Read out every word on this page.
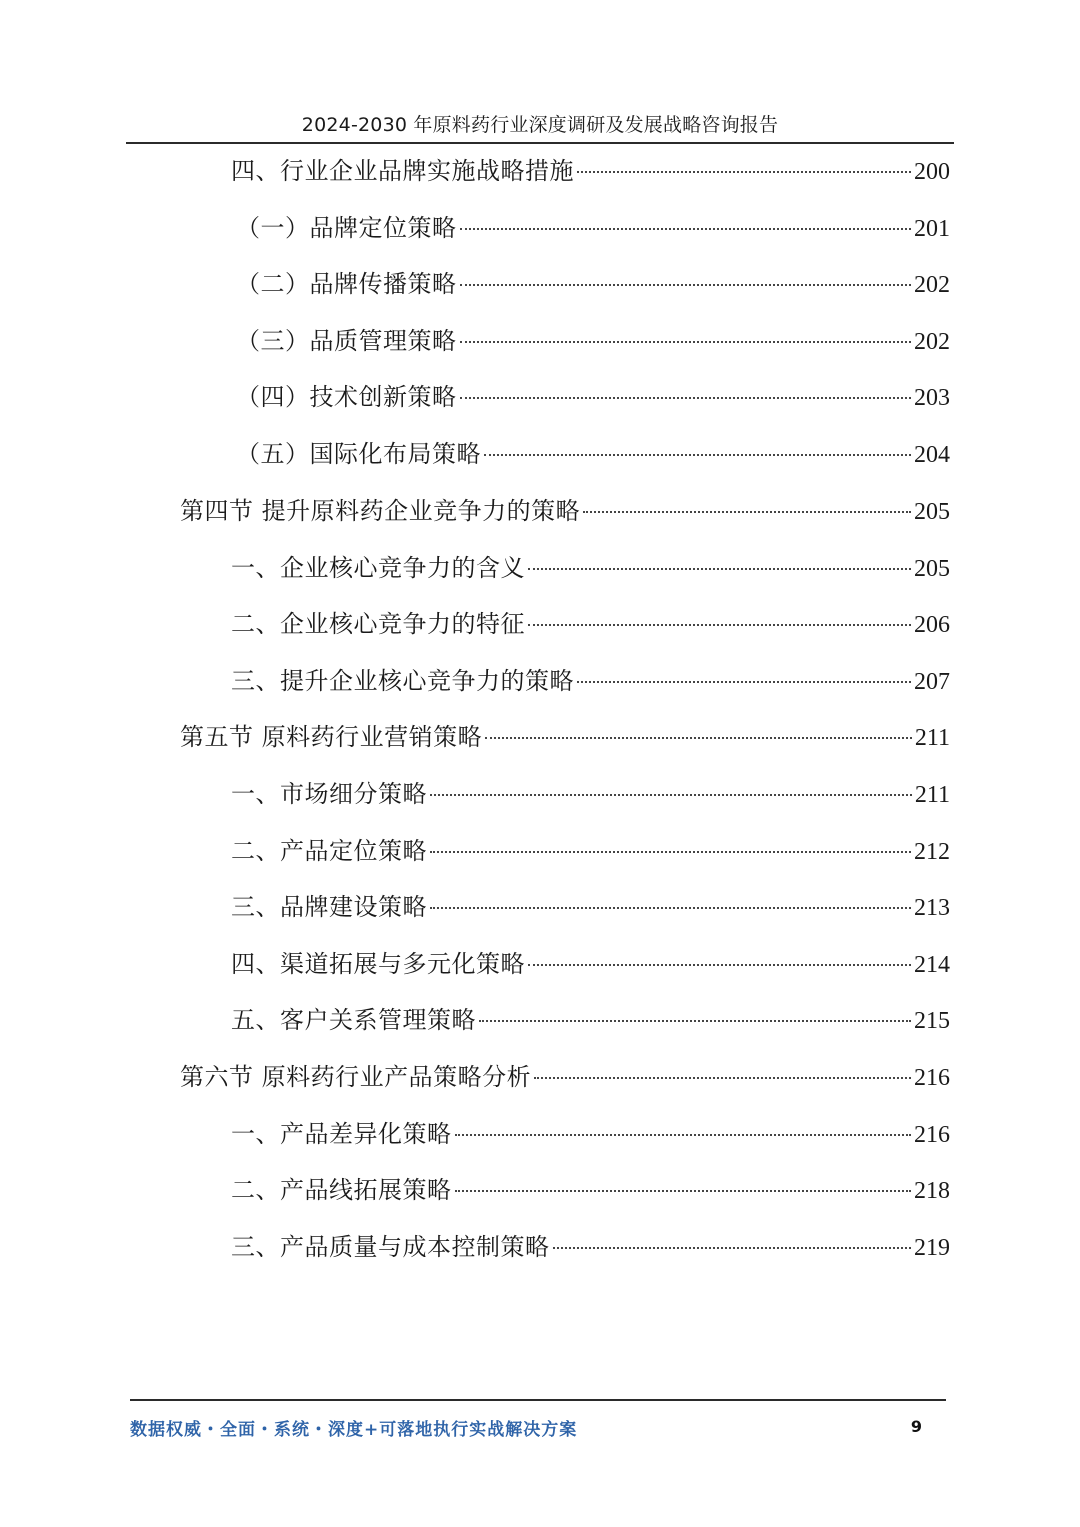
2024-2030 年原料药行业深度调研及发展战略咨询报告
四、行业企业品牌实施战略措施	200
（一）品牌定位策略	201
（二）品牌传播策略	202
（三）品质管理策略	202
（四）技术创新策略	203
（五）国际化布局策略	204
第四节 提升原料药企业竞争力的策略	205
一、企业核心竞争力的含义	205
二、企业核心竞争力的特征	206
三、提升企业核心竞争力的策略	207
第五节 原料药行业营销策略	211
一、市场细分策略	211
二、产品定位策略	212
三、品牌建设策略	213
四、渠道拓展与多元化策略	214
五、客户关系管理策略	215
第六节 原料药行业产品策略分析	216
一、产品差异化策略	216
二、产品线拓展策略	218
三、产品质量与成本控制策略	219
数据权威・全面・系统・深度+可落地执行实战解决方案	9
